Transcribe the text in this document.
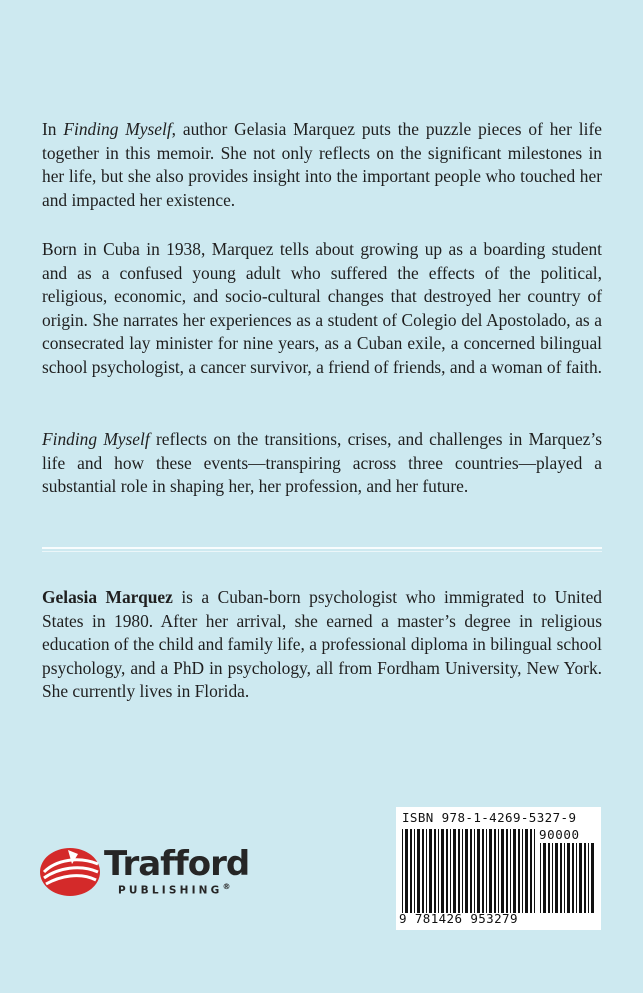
In Finding Myself, author Gelasia Marquez puts the puzzle pieces of her life together in this memoir. She not only reflects on the significant milestones in her life, but she also provides insight into the important people who touched her and impacted her existence.

Born in Cuba in 1938, Marquez tells about growing up as a boarding student and as a confused young adult who suffered the effects of the political, religious, economic, and socio-cultural changes that destroyed her country of origin. She narrates her experiences as a student of Colegio del Apostolado, as a consecrated lay minister for nine years, as a Cuban exile, a concerned bilingual school psychologist, a cancer survivor, a friend of friends, and a woman of faith.

Finding Myself reflects on the transitions, crises, and challenges in Marquez’s life and how these events—transpiring across three countries—played a substantial role in shaping her, her profession, and her future.

Gelasia Marquez is a Cuban-born psychologist who immigrated to United States in 1980. After her arrival, she earned a master’s degree in religious education of the child and family life, a professional diploma in bilingual school psychology, and a PhD in psychology, all from Fordham University, New York. She currently lives in Florida.

Trafford
PUBLISHING®
ISBN 978-1-4269-5327-9
90000
9 781426 953279
